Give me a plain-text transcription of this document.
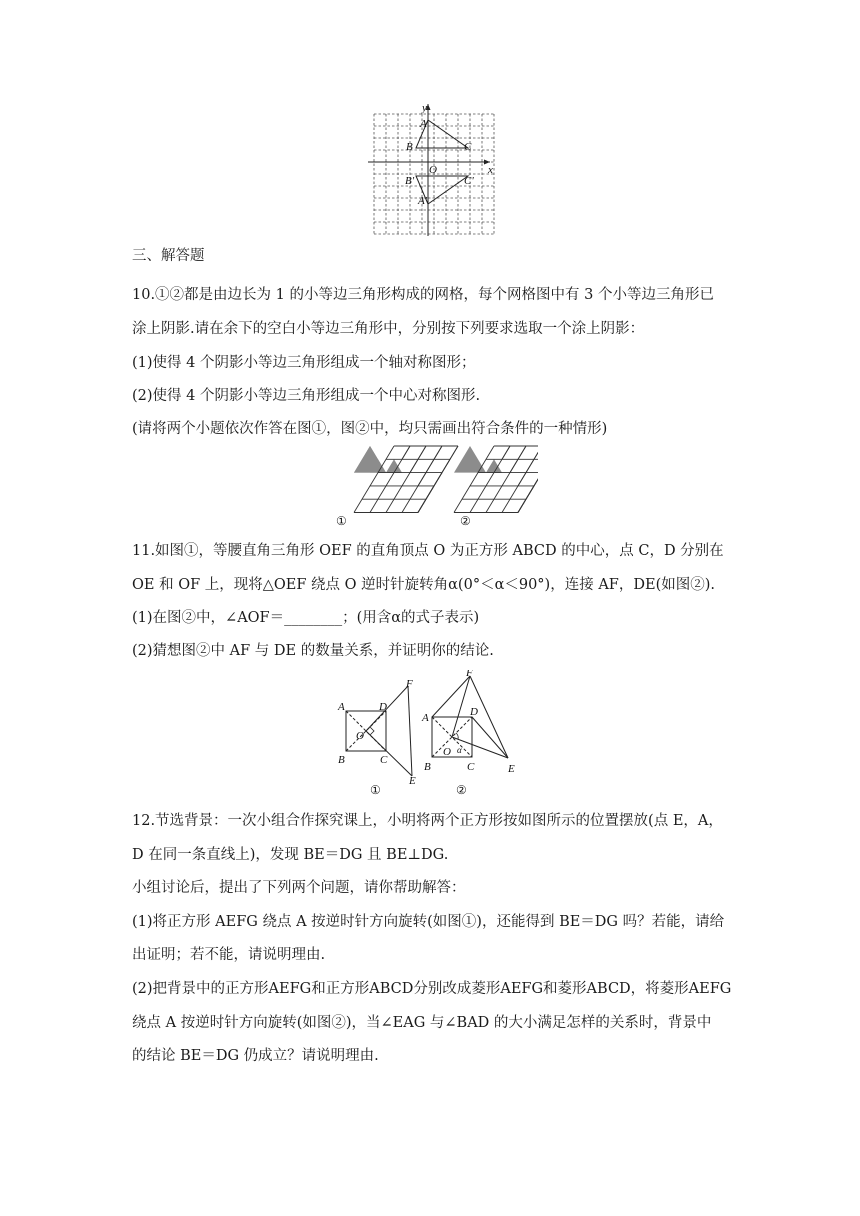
y
x
O
A
B	C
B'	C'
A'
三、解答题
10.①②都是由边长为 1 的小等边三角形构成的网格，每个网格图中有 3 个小等边三角形已
涂上阴影.请在余下的空白小等边三角形中，分别按下列要求选取一个涂上阴影：
(1)使得 4 个阴影小等边三角形组成一个轴对称图形；
(2)使得 4 个阴影小等边三角形组成一个中心对称图形.
(请将两个小题依次作答在图①，图②中，均只需画出符合条件的一种情形)
①	②
11.如图①，等腰直角三角形 OEF 的直角顶点 O 为正方形 ABCD 的中心，点 C，D 分别在
OE 和 OF 上，现将△OEF 绕点 O 逆时针旋转角α(0°＜α＜90°)，连接 AF，DE(如图②).
(1)在图②中，∠AOF＝________；(用含α的式子表示)
(2)猜想图②中 AF 与 DE 的数量关系，并证明你的结论.
A	D
F
O
B	C
E
F
A	D
O α
B	C	E
①	②
12.节选背景：一次小组合作探究课上，小明将两个正方形按如图所示的位置摆放(点 E，A，
D 在同一条直线上)，发现 BE＝DG 且 BE⊥DG.
小组讨论后，提出了下列两个问题，请你帮助解答：
(1)将正方形 AEFG 绕点 A 按逆时针方向旋转(如图①)，还能得到 BE＝DG 吗？若能，请给
出证明；若不能，请说明理由.
(2)把背景中的正方形AEFG和正方形ABCD分别改成菱形AEFG和菱形ABCD，将菱形AEFG
绕点 A 按逆时针方向旋转(如图②)，当∠EAG 与∠BAD 的大小满足怎样的关系时，背景中
的结论 BE＝DG 仍成立？请说明理由.
